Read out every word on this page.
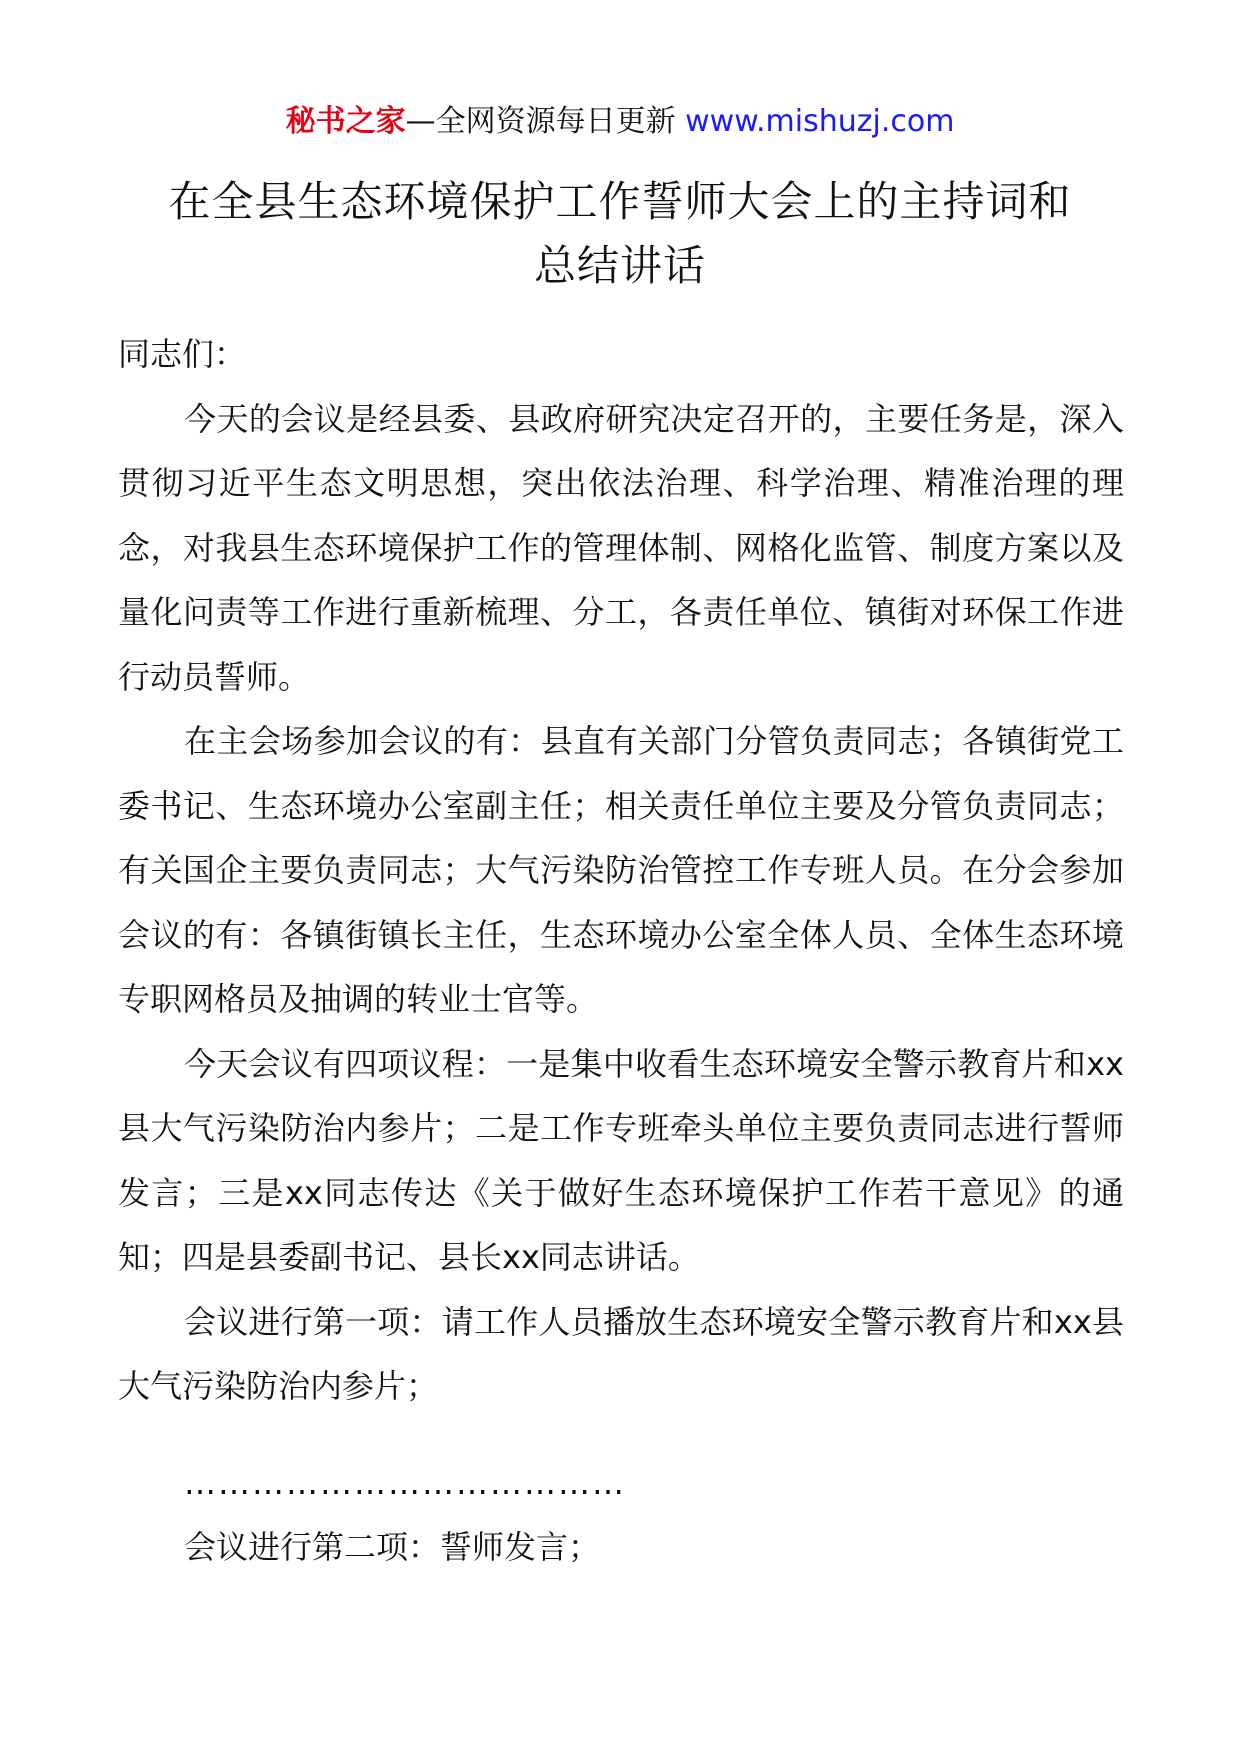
秘书之家—全网资源每日更新 www.mishuzj.com
在全县生态环境保护工作誓师大会上的主持词和
总结讲话

同志们：

今天的会议是经县委、县政府研究决定召开的，主要任务是，深入贯彻习近平生态文明思想，突出依法治理、科学治理、精准治理的理念，对我县生态环境保护工作的管理体制、网格化监管、制度方案以及量化问责等工作进行重新梳理、分工，各责任单位、镇街对环保工作进行动员誓师。

在主会场参加会议的有：县直有关部门分管负责同志；各镇街党工委书记、生态环境办公室副主任；相关责任单位主要及分管负责同志；有关国企主要负责同志；大气污染防治管控工作专班人员。在分会参加会议的有：各镇街镇长主任，生态环境办公室全体人员、全体生态环境专职网格员及抽调的转业士官等。

今天会议有四项议程：一是集中收看生态环境安全警示教育片和xx县大气污染防治内参片；二是工作专班牵头单位主要负责同志进行誓师发言；三是xx同志传达《关于做好生态环境保护工作若干意见》的通知；四是县委副书记、县长xx同志讲话。

会议进行第一项：请工作人员播放生态环境安全警示教育片和xx县大气污染防治内参片；

…………………………………

会议进行第二项：誓师发言；
